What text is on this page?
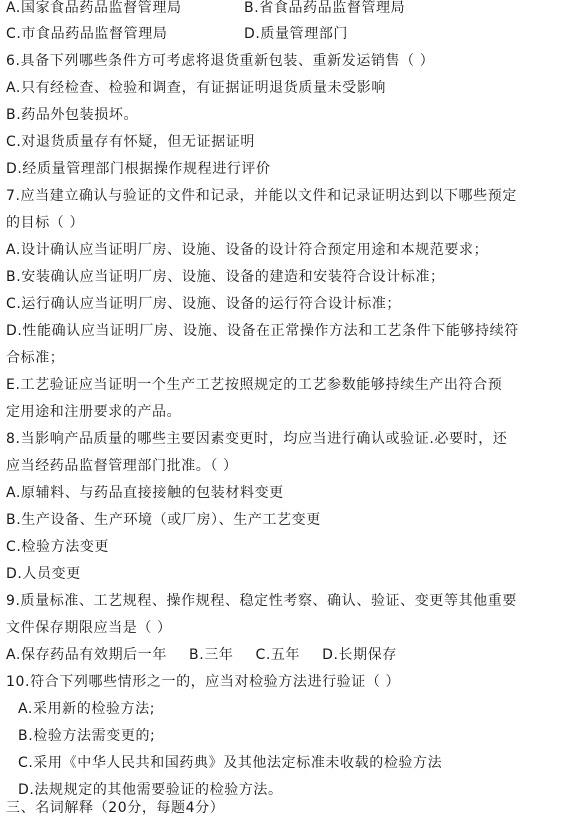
A.国家食品药品监督管理局	B.省食品药品监督管理局
C.市食品药品监督管理局	D.质量管理部门
6.具备下列哪些条件方可考虑将退货重新包装、重新发运销售（ ）
A.只有经检查、检验和调查，有证据证明退货质量未受影响
B.药品外包装损坏。
C.对退货质量存有怀疑，但无证据证明
D.经质量管理部门根据操作规程进行评价
7.应当建立确认与验证的文件和记录，并能以文件和记录证明达到以下哪些预定
的目标（ ）
A.设计确认应当证明厂房、设施、设备的设计符合预定用途和本规范要求；
B.安装确认应当证明厂房、设施、设备的建造和安装符合设计标准；
C.运行确认应当证明厂房、设施、设备的运行符合设计标准；
D.性能确认应当证明厂房、设施、设备在正常操作方法和工艺条件下能够持续符
合标准；
E.工艺验证应当证明一个生产工艺按照规定的工艺参数能够持续生产出符合预
定用途和注册要求的产品。
8.当影响产品质量的哪些主要因素变更时，均应当进行确认或验证.必要时，还
应当经药品监督管理部门批准。（ ）
A.原辅料、与药品直接接触的包装材料变更
B.生产设备、生产环境（或厂房）、生产工艺变更
C.检验方法变更
D.人员变更
9.质量标准、工艺规程、操作规程、稳定性考察、确认、验证、变更等其他重要
文件保存期限应当是（ ）
A.保存药品有效期后一年 B.三年 C.五年 D.长期保存
10.符合下列哪些情形之一的，应当对检验方法进行验证（ ）
A.采用新的检验方法;
B.检验方法需变更的;
C.采用《中华人民共和国药典》及其他法定标准未收载的检验方法
D.法规规定的其他需要验证的检验方法。
三、名词解释（20分，每题4分）
